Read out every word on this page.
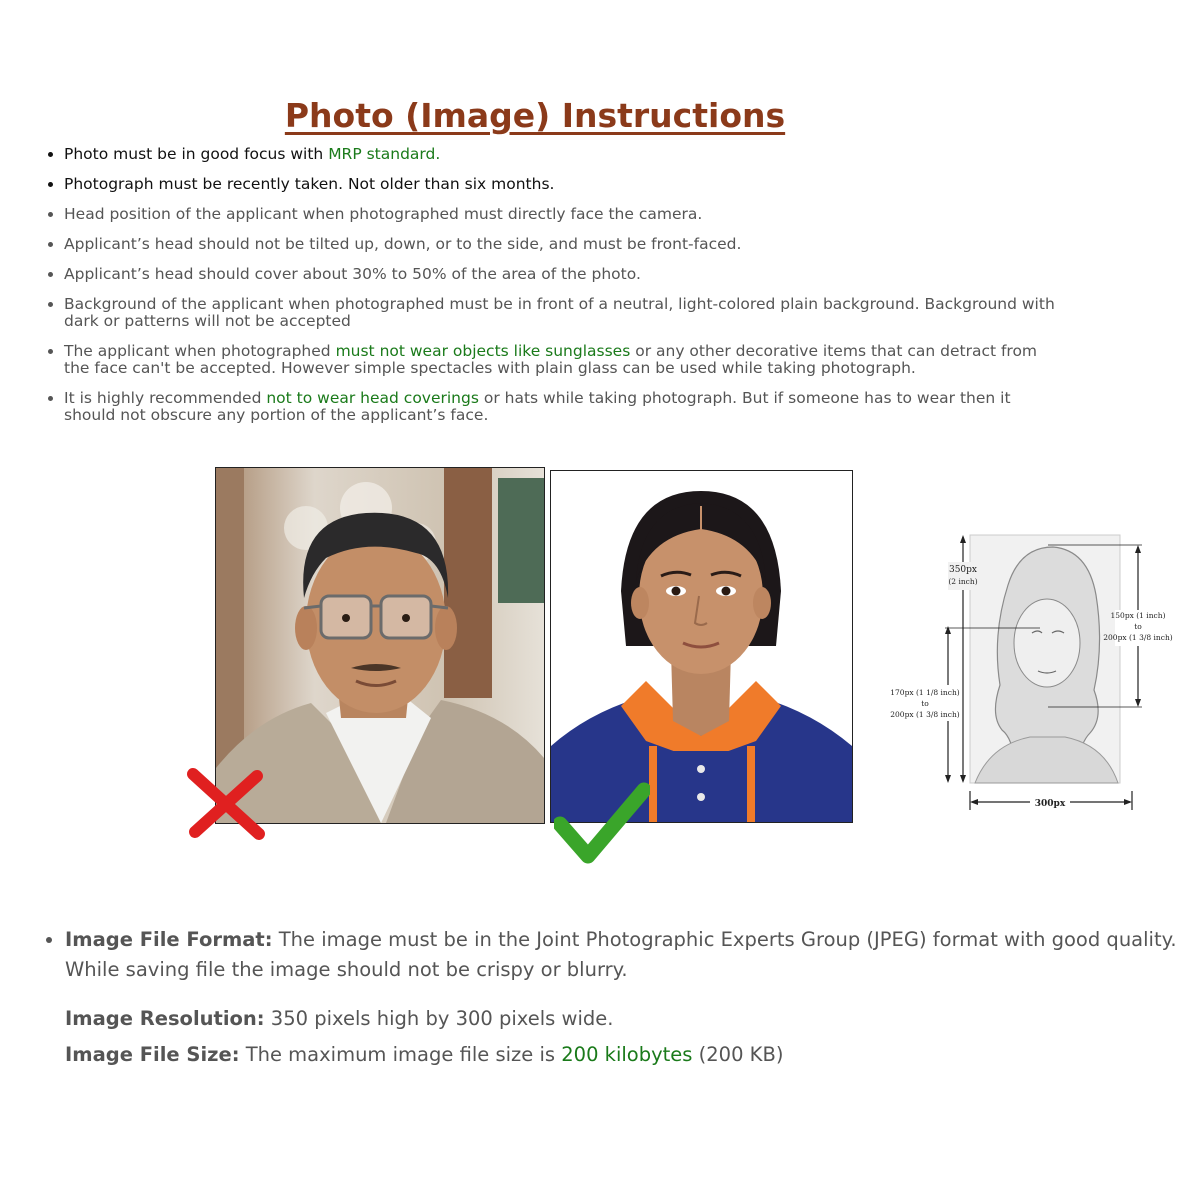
Photo (Image) Instructions
• Photo must be in good focus with MRP standard.
• Photograph must be recently taken. Not older than six months.
• Head position of the applicant when photographed must directly face the camera.
• Applicant’s head should not be tilted up, down, or to the side, and must be front-faced.
• Applicant’s head should cover about 30% to 50% of the area of the photo.
• Background of the applicant when photographed must be in front of a neutral, light-colored plain background. Background with dark or patterns will not be accepted
• The applicant when photographed must not wear objects like sunglasses or any other decorative items that can detract from the face can't be accepted. However simple spectacles with plain glass can be used while taking photograph.
• It is highly recommended not to wear head coverings or hats while taking photograph. But if someone has to wear then it should not obscure any portion of the applicant’s face.
350px
(2 inch)
150px (1 inch)
to
200px (1 3/8 inch)
170px (1 1/8 inch)
to
200px (1 3/8 inch)
300px
• Image File Format: The image must be in the Joint Photographic Experts Group (JPEG) format with good quality.

While saving file the image should not be crispy or blurry.

Image Resolution: 350 pixels high by 300 pixels wide.

Image File Size: The maximum image file size is 200 kilobytes (200 KB)
